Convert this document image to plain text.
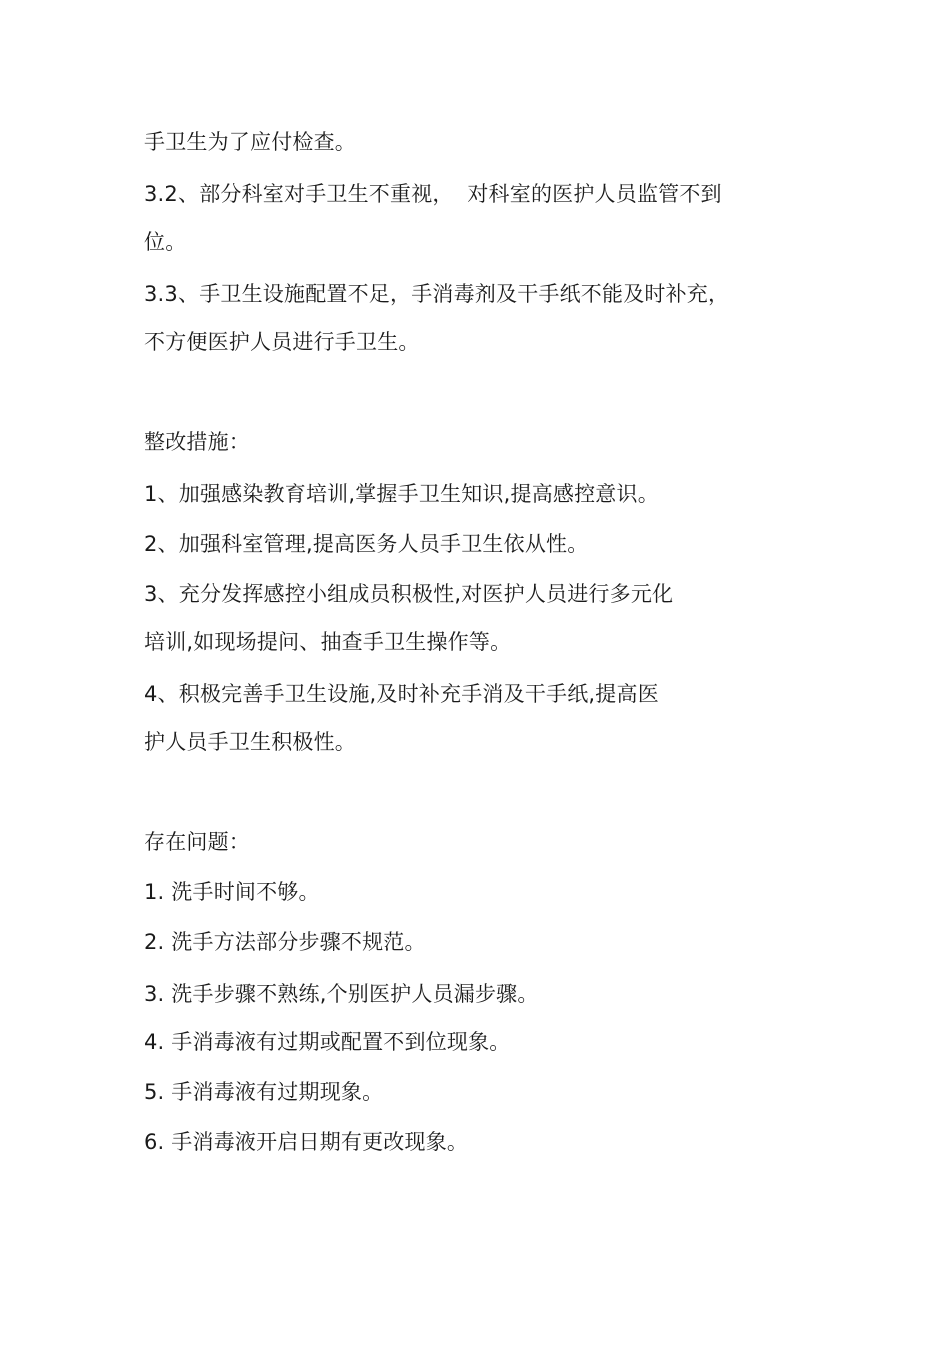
手卫生为了应付检查。
3.2、部分科室对手卫生不重视，  对科室的医护人员监管不到
位。
3.3、手卫生设施配置不足，手消毒剂及干手纸不能及时补充，
不方便医护人员进行手卫生。
整改措施：
1、加强感染教育培训,掌握手卫生知识,提高感控意识。
2、加强科室管理,提高医务人员手卫生依从性。
3、充分发挥感控小组成员积极性,对医护人员进行多元化
培训,如现场提问、抽查手卫生操作等。
4、积极完善手卫生设施,及时补充手消及干手纸,提高医
护人员手卫生积极性。
存在问题：
1. 洗手时间不够。
2. 洗手方法部分步骤不规范。
3. 洗手步骤不熟练,个别医护人员漏步骤。
4. 手消毒液有过期或配置不到位现象。
5. 手消毒液有过期现象。
6. 手消毒液开启日期有更改现象。
